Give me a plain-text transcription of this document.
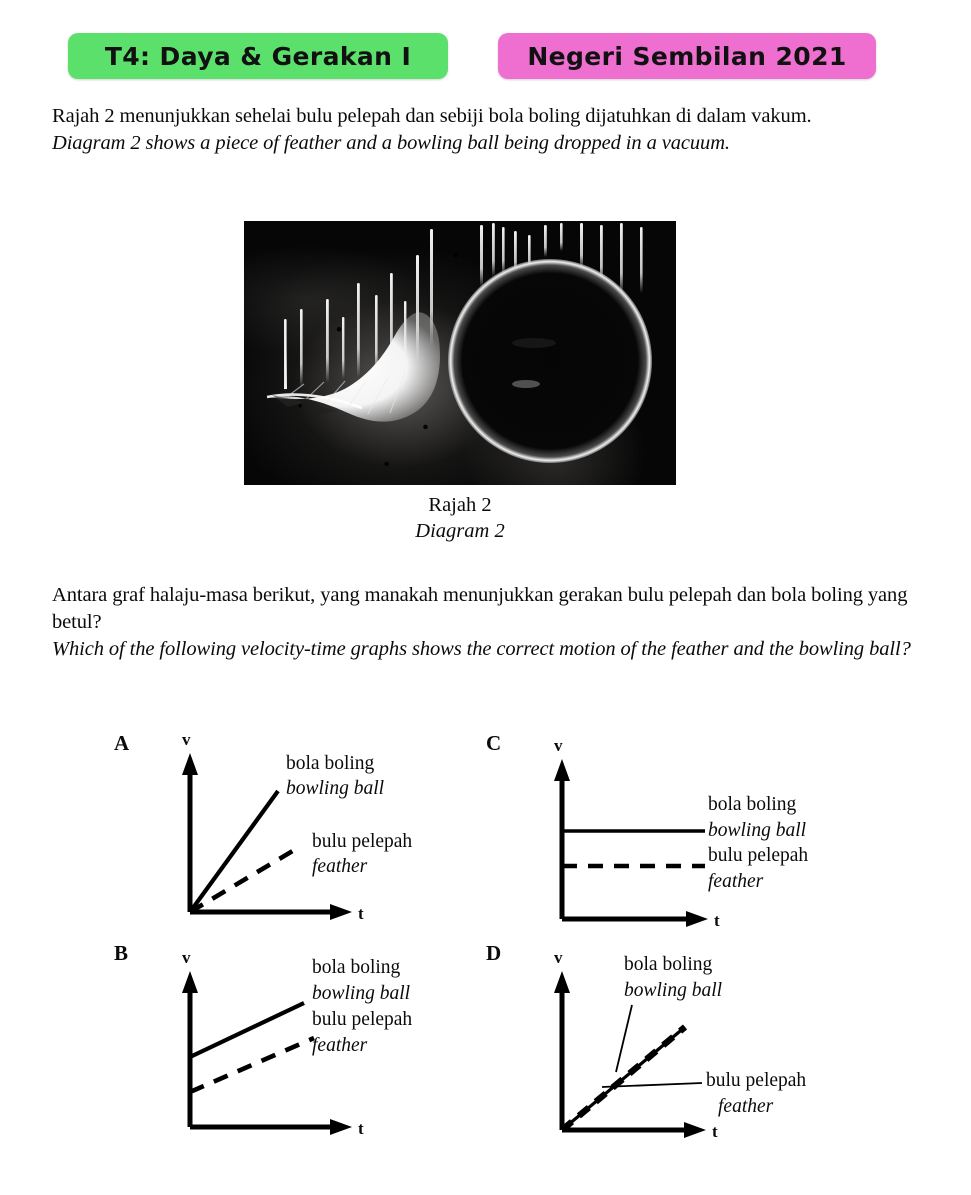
T4: Daya & Gerakan I	Negeri Sembilan 2021
Rajah 2 menunjukkan sehelai bulu pelepah dan sebiji bola boling dijatuhkan di dalam vakum.
Diagram 2 shows a piece of feather and a bowling ball being dropped in a vacuum.
Rajah 2
Diagram 2
Antara graf halaju-masa berikut, yang manakah menunjukkan gerakan bulu pelepah dan bola boling yang betul?
Which of the following velocity-time graphs shows the correct motion of the feather and the bowling ball?
A	v
t
bola boling
bowling ball
bulu pelepah
feather
C	v
t
bola boling
bowling ball
bulu pelepah
feather
B	v
t
bola boling
bowling ball
bulu pelepah
feather
D	v
t
bola boling
bowling ball
bulu pelepah
feather
